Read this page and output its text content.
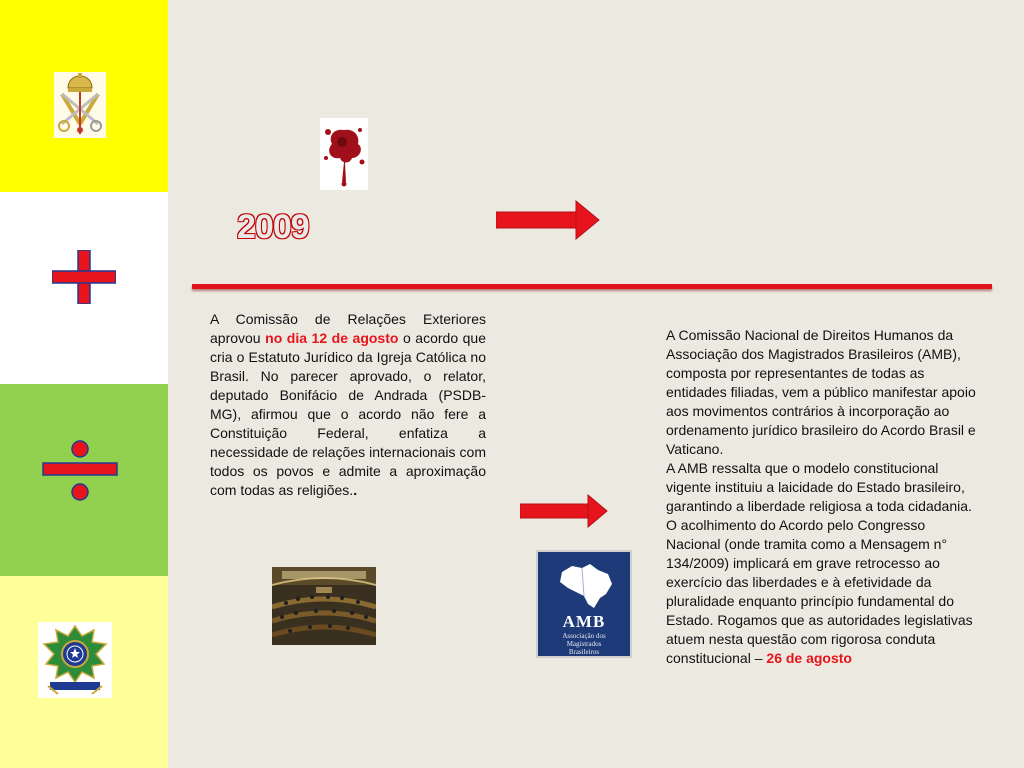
2009
A Comissão de Relações Exteriores aprovou no dia 12 de agosto o acordo que cria o Estatuto Jurídico da Igreja Católica no Brasil. No parecer aprovado, o relator, deputado Bonifácio de Andrada (PSDB-MG), afirmou que o acordo não fere a Constituição Federal, enfatiza a necessidade de relações internacionais com todos os povos e admite a aproximação com todas as religiões..
AMB
Associação dos
Magistrados
Brasileiros
A Comissão Nacional de Direitos Humanos da Associação dos Magistrados Brasileiros (AMB), composta por representantes de todas as entidades filiadas, vem a público manifestar apoio aos movimentos contrários à incorporação ao ordenamento jurídico brasileiro do Acordo Brasil e Vaticano.
A AMB ressalta que o modelo constitucional vigente instituiu a laicidade do Estado brasileiro, garantindo a liberdade religiosa a toda cidadania. O acolhimento do Acordo pelo Congresso Nacional (onde tramita como a Mensagem n° 134/2009) implicará em grave retrocesso ao exercício das liberdades e à efetividade da pluralidade enquanto princípio fundamental do Estado. Rogamos que as autoridades legislativas atuem nesta questão com rigorosa conduta constitucional – 26 de agosto
